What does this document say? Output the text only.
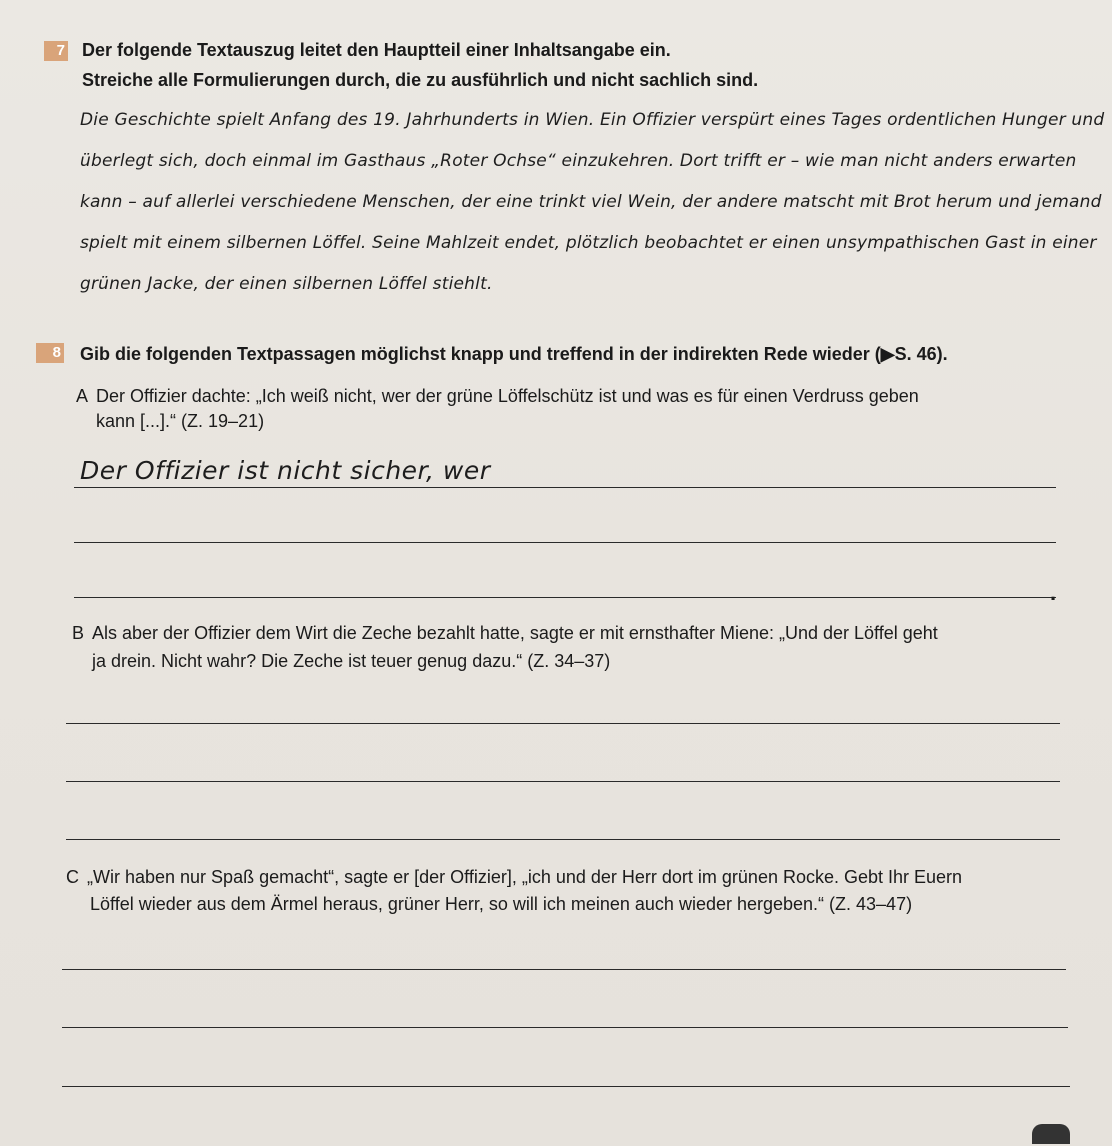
7 Der folgende Textauszug leitet den Hauptteil einer Inhaltsangabe ein.
Streiche alle Formulierungen durch, die zu ausführlich und nicht sachlich sind.
Die Geschichte spielt Anfang des 19. Jahrhunderts in Wien. Ein Offizier verspürt eines Tages ordentlichen Hunger und
überlegt sich, doch einmal im Gasthaus „Roter Ochse“ einzukehren. Dort trifft er – wie man nicht anders erwarten
kann – auf allerlei verschiedene Menschen, der eine trinkt viel Wein, der andere matscht mit Brot herum und jemand
spielt mit einem silbernen Löffel. Seine Mahlzeit endet, plötzlich beobachtet er einen unsympathischen Gast in einer
grünen Jacke, der einen silbernen Löffel stiehlt.
8 Gib die folgenden Textpassagen möglichst knapp und treffend in der indirekten Rede wieder (▶S. 46).
A Der Offizier dachte: „Ich weiß nicht, wer der grüne Löffelschütz ist und was es für einen Verdruss geben
kann [...].“ (Z. 19–21)
Der Offizier ist nicht sicher, wer
.
B Als aber der Offizier dem Wirt die Zeche bezahlt hatte, sagte er mit ernsthafter Miene: „Und der Löffel geht
ja drein. Nicht wahr? Die Zeche ist teuer genug dazu.“ (Z. 34–37)
C „Wir haben nur Spaß gemacht“, sagte er [der Offizier], „ich und der Herr dort im grünen Rocke. Gebt Ihr Euern
Löffel wieder aus dem Ärmel heraus, grüner Herr, so will ich meinen auch wieder hergeben.“ (Z. 43–47)
